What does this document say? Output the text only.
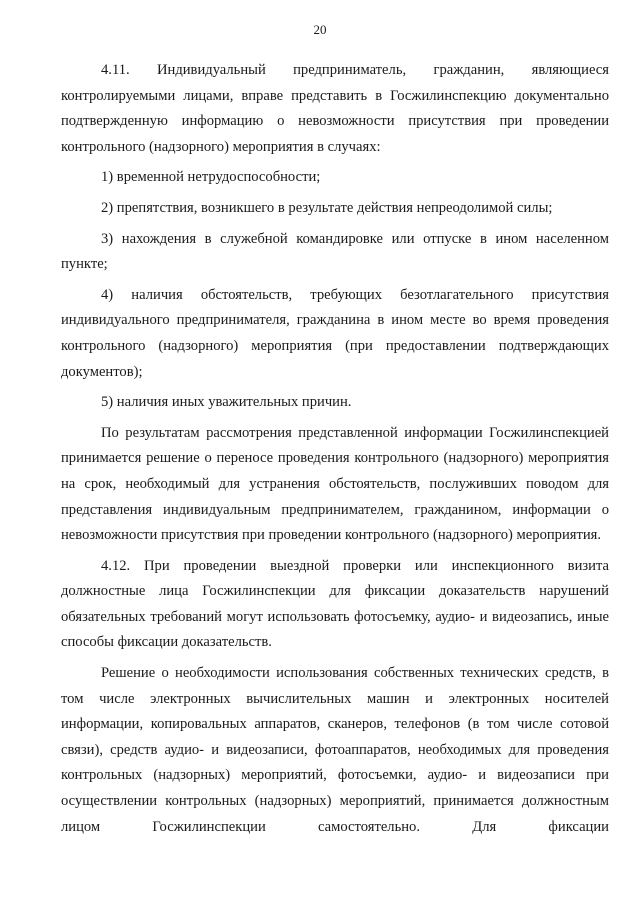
20

4.11. Индивидуальный предприниматель, гражданин, являющиеся контролируемыми лицами, вправе представить в Госжилинспекцию документально подтвержденную информацию о невозможности присутствия при проведении контрольного (надзорного) мероприятия в случаях:

1) временной нетрудоспособности;

2) препятствия, возникшего в результате действия непреодолимой силы;

3) нахождения в служебной командировке или отпуске в ином населенном пункте;

4) наличия обстоятельств, требующих безотлагательного присутствия индивидуального предпринимателя, гражданина в ином месте во время проведения контрольного (надзорного) мероприятия (при предоставлении подтверждающих документов);

5) наличия иных уважительных причин.

По результатам рассмотрения представленной информации Госжилинспекцией принимается решение о переносе проведения контрольного (надзорного) мероприятия на срок, необходимый для устранения обстоятельств, послуживших поводом для представления индивидуальным предпринимателем, гражданином, информации о невозможности присутствия при проведении контрольного (надзорного) мероприятия.

4.12. При проведении выездной проверки или инспекционного визита должностные лица Госжилинспекции для фиксации доказательств нарушений обязательных требований могут использовать фотосъемку, аудио- и видеозапись, иные способы фиксации доказательств.

Решение о необходимости использования собственных технических средств, в том числе электронных вычислительных машин и электронных носителей информации, копировальных аппаратов, сканеров, телефонов (в том числе сотовой связи), средств аудио- и видеозаписи, фотоаппаратов, необходимых для проведения контрольных (надзорных) мероприятий, фотосъемки, аудио- и видеозаписи при осуществлении контрольных (надзорных) мероприятий, принимается должностным лицом Госжилинспекции самостоятельно. Для фиксации
